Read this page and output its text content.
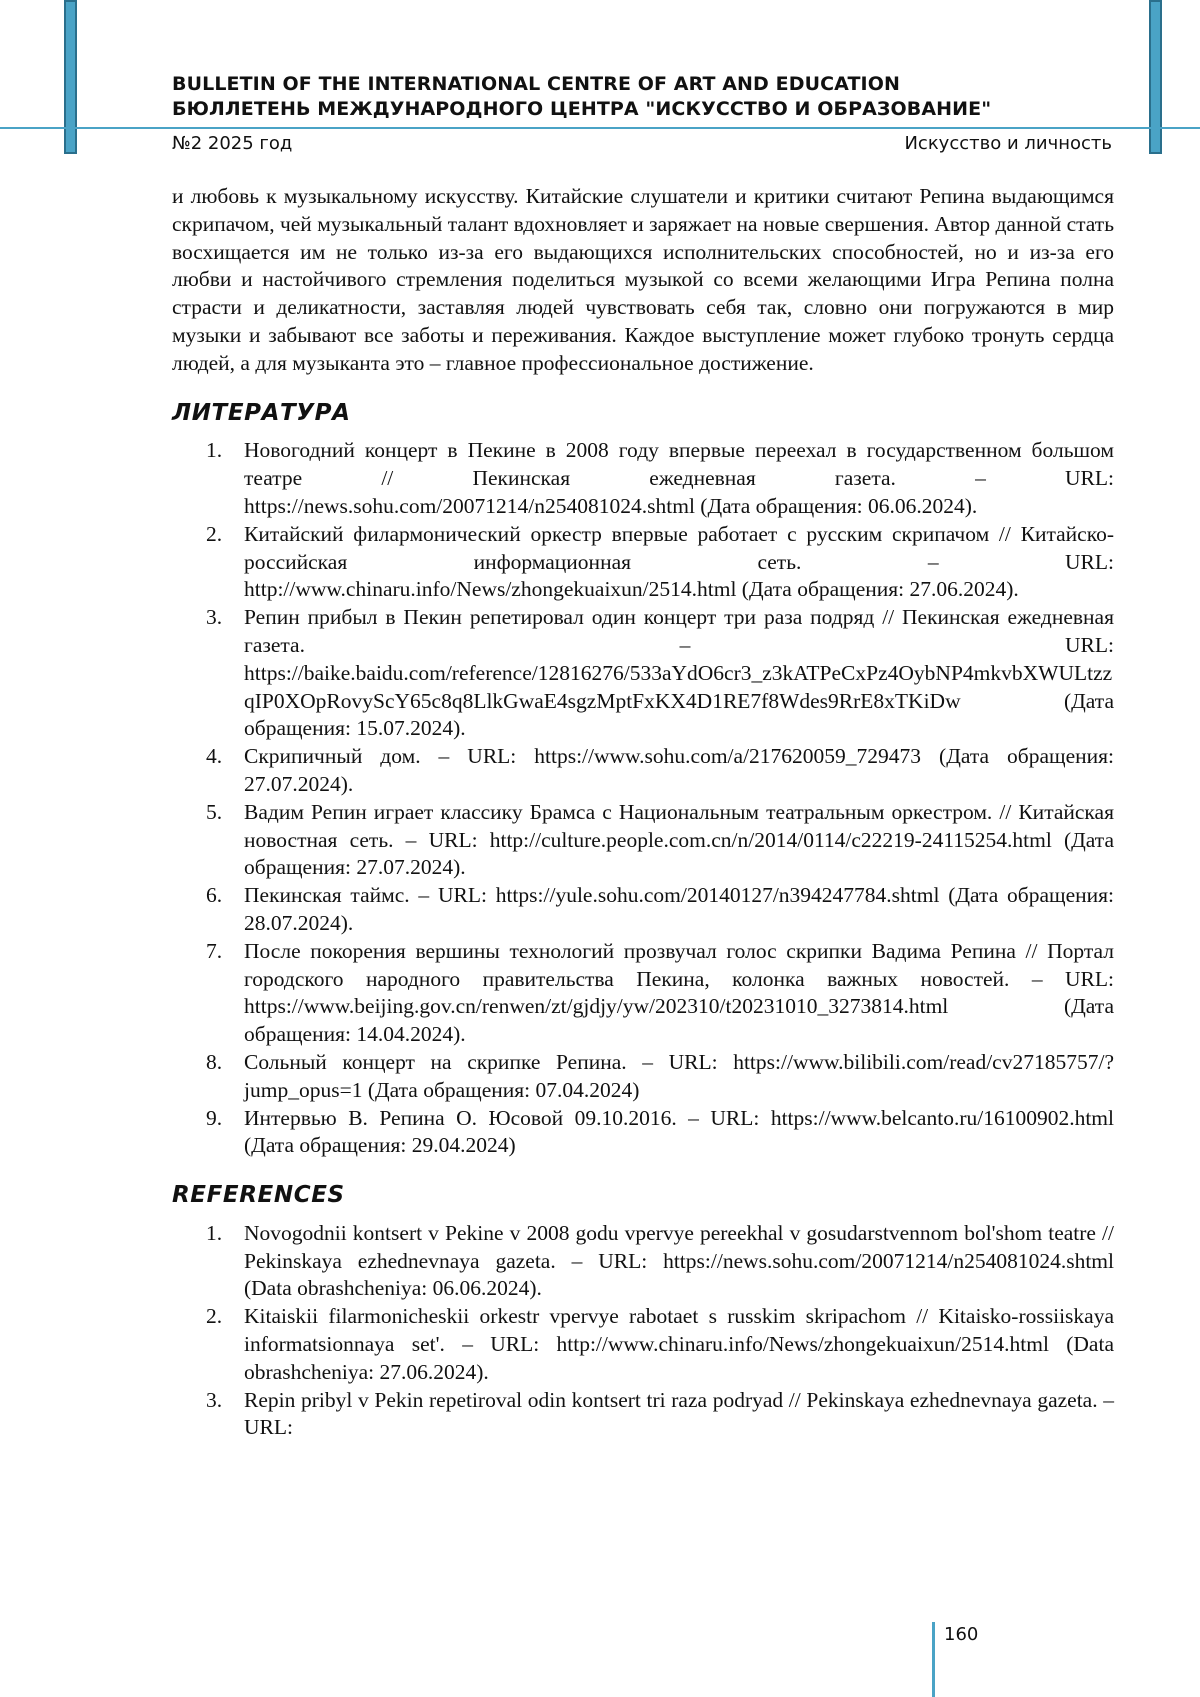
BULLETIN OF THE INTERNATIONAL CENTRE OF ART AND EDUCATION
БЮЛЛЕТЕНЬ МЕЖДУНАРОДНОГО ЦЕНТРА "ИСКУССТВО И ОБРАЗОВАНИЕ"
№2 2025 год	Искусство и личность

и любовь к музыкальному искусству. Китайские слушатели и критики считают Репина выдающимся скрипачом, чей музыкальный талант вдохновляет и заряжает на новые свершения. Автор данной стать восхищается им не только из-за его выдающихся исполнительских способностей, но и из-за его любви и настойчивого стремления поделиться музыкой со всеми желающими Игра Репина полна страсти и деликатности, заставляя людей чувствовать себя так, словно они погружаются в мир музыки и забывают все заботы и переживания. Каждое выступление может глубоко тронуть сердца людей, а для музыканта это – главное профессиональное достижение.

ЛИТЕРАТУРА
1. Новогодний концерт в Пекине в 2008 году впервые переехал в государственном большом театре // Пекинская ежедневная газета. – URL: https://news.sohu.com/20071214/n254081024.shtml (Дата обращения: 06.06.2024).
2. Китайский филармонический оркестр впервые работает с русским скрипачом // Китайско-российская информационная сеть. – URL: http://www.chinaru.info/News/zhongekuaixun/2514.html (Дата обращения: 27.06.2024).
3. Репин прибыл в Пекин репетировал один концерт три раза подряд // Пекинская ежедневная газета. – URL: https://baike.baidu.com/reference/12816276/533aYdO6cr3_z3kATPeCxPz4OybNP4mkvbXWULtzzqIP0XOpRovyScY65c8q8LlkGwaE4sgzMptFxKX4D1RE7f8Wdes9RrE8xTKiDw (Дата обращения: 15.07.2024).
4. Скрипичный дом. – URL: https://www.sohu.com/a/217620059_729473 (Дата обращения: 27.07.2024).
5. Вадим Репин играет классику Брамса с Национальным театральным оркестром. // Китайская новостная сеть. – URL: http://culture.people.com.cn/n/2014/0114/c22219-24115254.html (Дата обращения: 27.07.2024).
6. Пекинская таймс. – URL: https://yule.sohu.com/20140127/n394247784.shtml (Дата обращения: 28.07.2024).
7. После покорения вершины технологий прозвучал голос скрипки Вадима Репина // Портал городского народного правительства Пекина, колонка важных новостей. – URL: https://www.beijing.gov.cn/renwen/zt/gjdjy/yw/202310/t20231010_3273814.html (Дата обращения: 14.04.2024).
8. Сольный концерт на скрипке Репина. – URL: https://www.bilibili.com/read/cv27185757/?jump_opus=1 (Дата обращения: 07.04.2024)
9. Интервью В. Репина О. Юсовой 09.10.2016. – URL: https://www.belcanto.ru/16100902.html (Дата обращения: 29.04.2024)
REFERENCES
1. Novogodnii kontsert v Pekine v 2008 godu vpervye pereekhal v gosudarstvennom bol'shom teatre // Pekinskaya ezhednevnaya gazeta. – URL: https://news.sohu.com/20071214/n254081024.shtml (Data obrashcheniya: 06.06.2024).
2. Kitaiskii filarmonicheskii orkestr vpervye rabotaet s russkim skripachom // Kitaisko-rossiiskaya informatsionnaya set'. – URL: http://www.chinaru.info/News/zhongekuaixun/2514.html (Data obrashcheniya: 27.06.2024).
3. Repin pribyl v Pekin repetiroval odin kontsert tri raza podryad // Pekinskaya ezhednevnaya gazeta. – URL:
160
